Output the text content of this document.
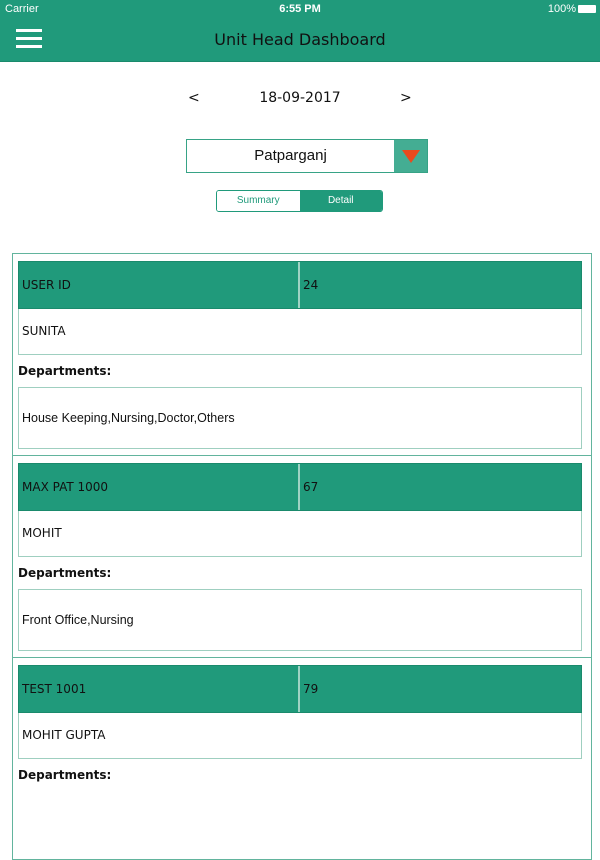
Carrier	6:55 PM	100%
Unit Head Dashboard
18-09-2017
<	>
Patparganj
Summary	Detail
USER ID	24
SUNITA
Departments:
House Keeping,Nursing,Doctor,Others
MAX PAT 1000	67
MOHIT
Departments:
Front Office,Nursing
TEST 1001	79
MOHIT GUPTA
Departments:
